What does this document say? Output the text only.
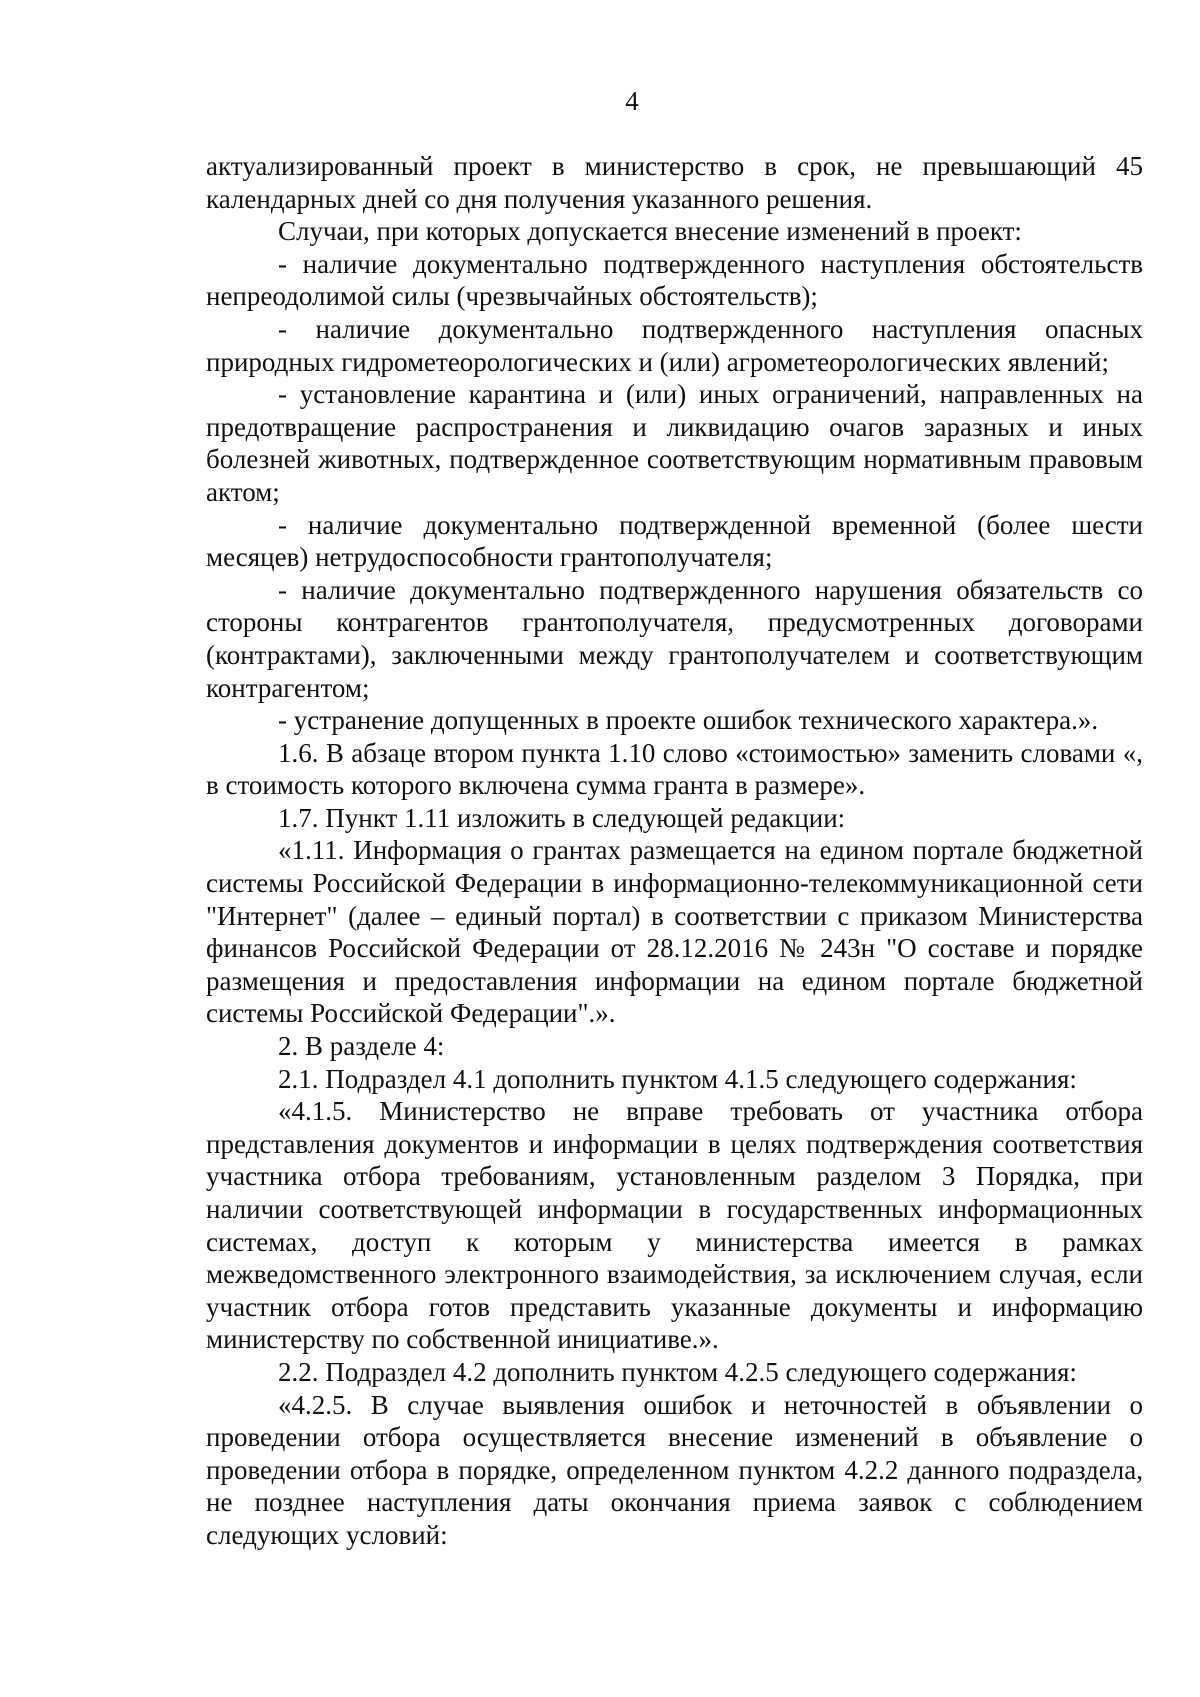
4

актуализированный проект в министерство в срок, не превышающий 45 календарных дней со дня получения указанного решения.

Случаи, при которых допускается внесение изменений в проект:

- наличие документально подтвержденного наступления обстоятельств непреодолимой силы (чрезвычайных обстоятельств);

- наличие документально подтвержденного наступления опасных природных гидрометеорологических и (или) агрометеорологических явлений;

- установление карантина и (или) иных ограничений, направленных на предотвращение распространения и ликвидацию очагов заразных и иных болезней животных, подтвержденное соответствующим нормативным правовым актом;

- наличие документально подтвержденной временной (более шести месяцев) нетрудоспособности грантополучателя;

- наличие документально подтвержденного нарушения обязательств со стороны контрагентов грантополучателя, предусмотренных договорами (контрактами), заключенными между грантополучателем и соответствующим контрагентом;

- устранение допущенных в проекте ошибок технического характера.».

1.6. В абзаце втором пункта 1.10 слово «стоимостью» заменить словами «, в стоимость которого включена сумма гранта в размере».

1.7. Пункт 1.11 изложить в следующей редакции:

«1.11. Информация о грантах размещается на едином портале бюджетной системы Российской Федерации в информационно-телекоммуникационной сети "Интернет" (далее – единый портал) в соответствии с приказом Министерства финансов Российской Федерации от 28.12.2016 № 243н "О составе и порядке размещения и предоставления информации на едином портале бюджетной системы Российской Федерации".».

2. В разделе 4:

2.1. Подраздел 4.1 дополнить пунктом 4.1.5 следующего содержания:

«4.1.5. Министерство не вправе требовать от участника отбора представления документов и информации в целях подтверждения соответствия участника отбора требованиям, установленным разделом 3 Порядка, при наличии соответствующей информации в государственных информационных системах, доступ к которым у министерства имеется в рамках межведомственного электронного взаимодействия, за исключением случая, если участник отбора готов представить указанные документы и информацию министерству по собственной инициативе.».

2.2. Подраздел 4.2 дополнить пунктом 4.2.5 следующего содержания:

«4.2.5. В случае выявления ошибок и неточностей в объявлении о проведении отбора осуществляется внесение изменений в объявление о проведении отбора в порядке, определенном пунктом 4.2.2 данного подраздела, не позднее наступления даты окончания приема заявок с соблюдением следующих условий:
